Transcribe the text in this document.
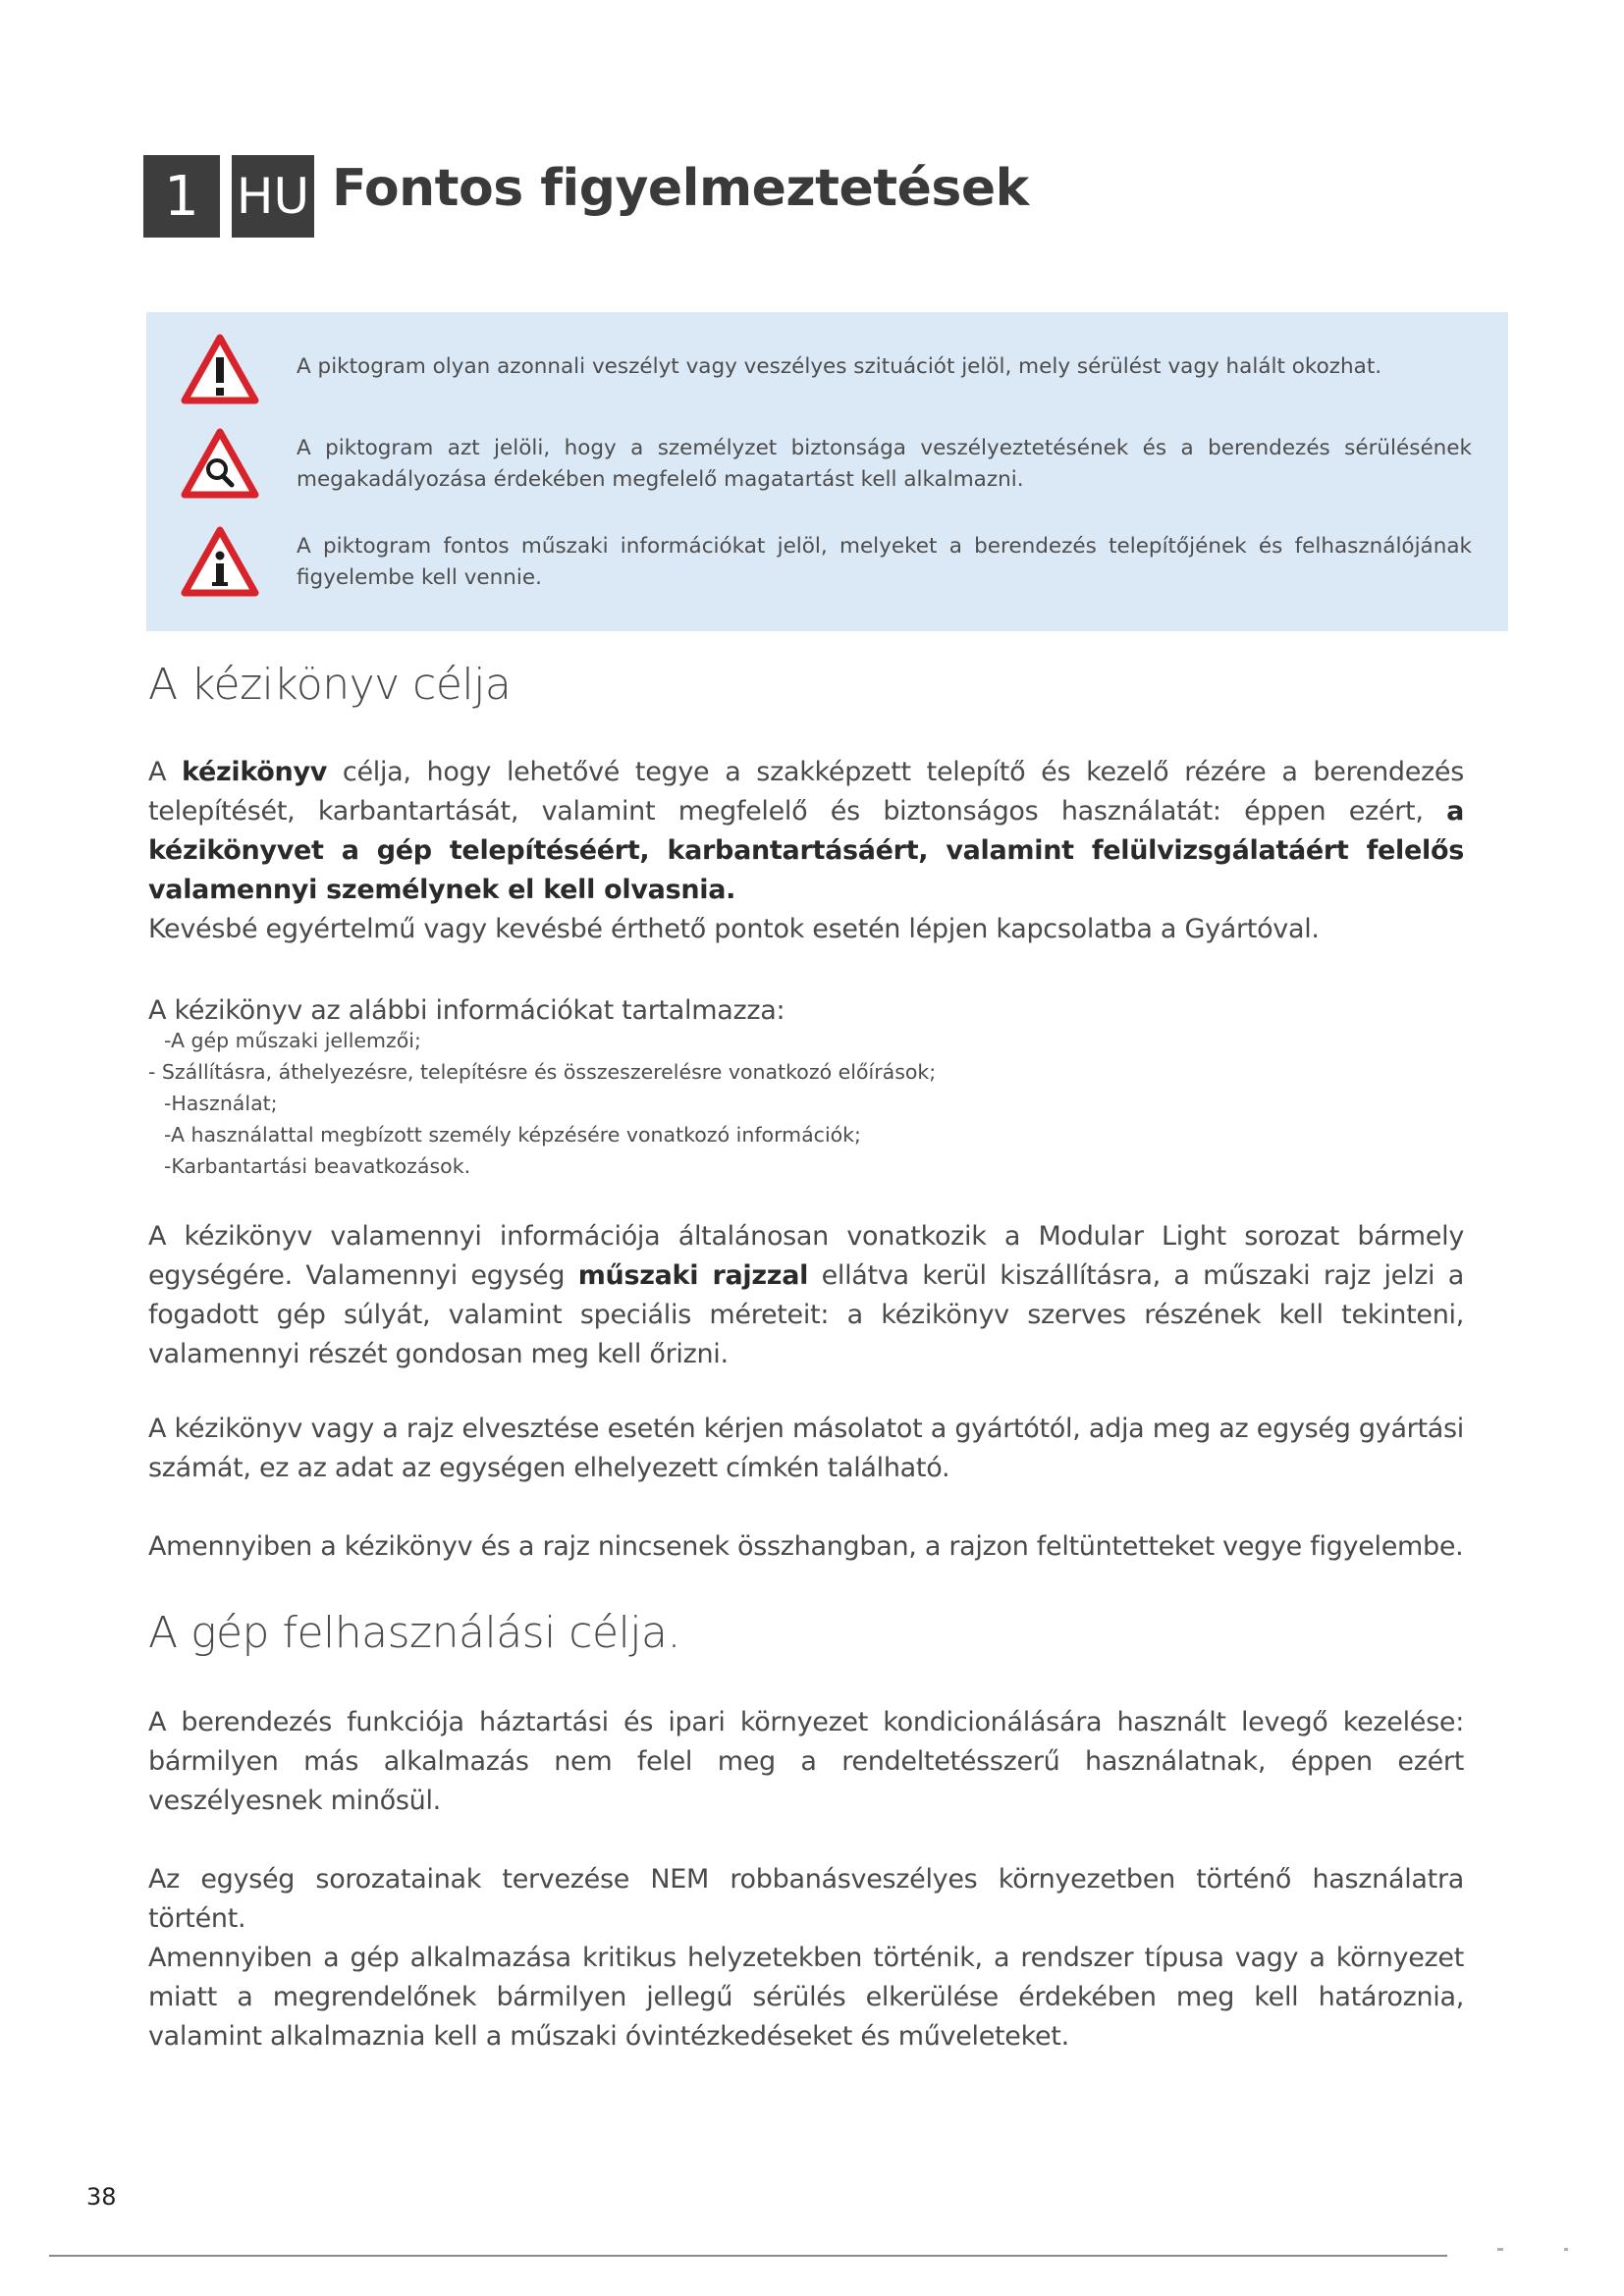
1 HU Fontos figyelmeztetések
A piktogram olyan azonnali veszélyt vagy veszélyes szituációt jelöl, mely sérülést vagy halált okozhat.
A piktogram azt jelöli, hogy a személyzet biztonsága veszélyeztetésének és a berendezés sérülésének megakadályozása érdekében megfelelő magatartást kell alkalmazni.
A piktogram fontos műszaki információkat jelöl, melyeket a berendezés telepítőjének és felhasználójának figyelembe kell vennie.
A kézikönyv célja
A kézikönyv célja, hogy lehetővé tegye a szakképzett telepítő és kezelő rézére a berendezés telepítését, karbantartását, valamint megfelelő és biztonságos használatát: éppen ezért, a kézikönyvet a gép telepítéséért, karbantartásáért, valamint felülvizsgálatáért felelős valamennyi személynek el kell olvasnia.
Kevésbé egyértelmű vagy kevésbé érthető pontok esetén lépjen kapcsolatba a Gyártóval.
A kézikönyv az alábbi információkat tartalmazza:
-A gép műszaki jellemzői;
- Szállításra, áthelyezésre, telepítésre és összeszerelésre vonatkozó előírások;
-Használat;
-A használattal megbízott személy képzésére vonatkozó információk;
-Karbantartási beavatkozások.
A kézikönyv valamennyi információja általánosan vonatkozik a Modular Light sorozat bármely egységére. Valamennyi egység műszaki rajzzal ellátva kerül kiszállításra, a műszaki rajz jelzi a fogadott gép súlyát, valamint speciális méreteit: a kézikönyv szerves részének kell tekinteni, valamennyi részét gondosan meg kell őrizni.
A kézikönyv vagy a rajz elvesztése esetén kérjen másolatot a gyártótól, adja meg az egység gyártási számát, ez az adat az egységen elhelyezett címkén található.
Amennyiben a kézikönyv és a rajz nincsenek összhangban, a rajzon feltüntetteket vegye figyelembe.
A gép felhasználási célja.
A berendezés funkciója háztartási és ipari környezet kondicionálására használt levegő kezelése: bármilyen más alkalmazás nem felel meg a rendeltetésszerű használatnak, éppen ezért veszélyesnek minősül.
Az egység sorozatainak tervezése NEM robbanásveszélyes környezetben történő használatra történt.
Amennyiben a gép alkalmazása kritikus helyzetekben történik, a rendszer típusa vagy a környezet miatt a megrendelőnek bármilyen jellegű sérülés elkerülése érdekében meg kell határoznia, valamint alkalmaznia kell a műszaki óvintézkedéseket és műveleteket.
38
